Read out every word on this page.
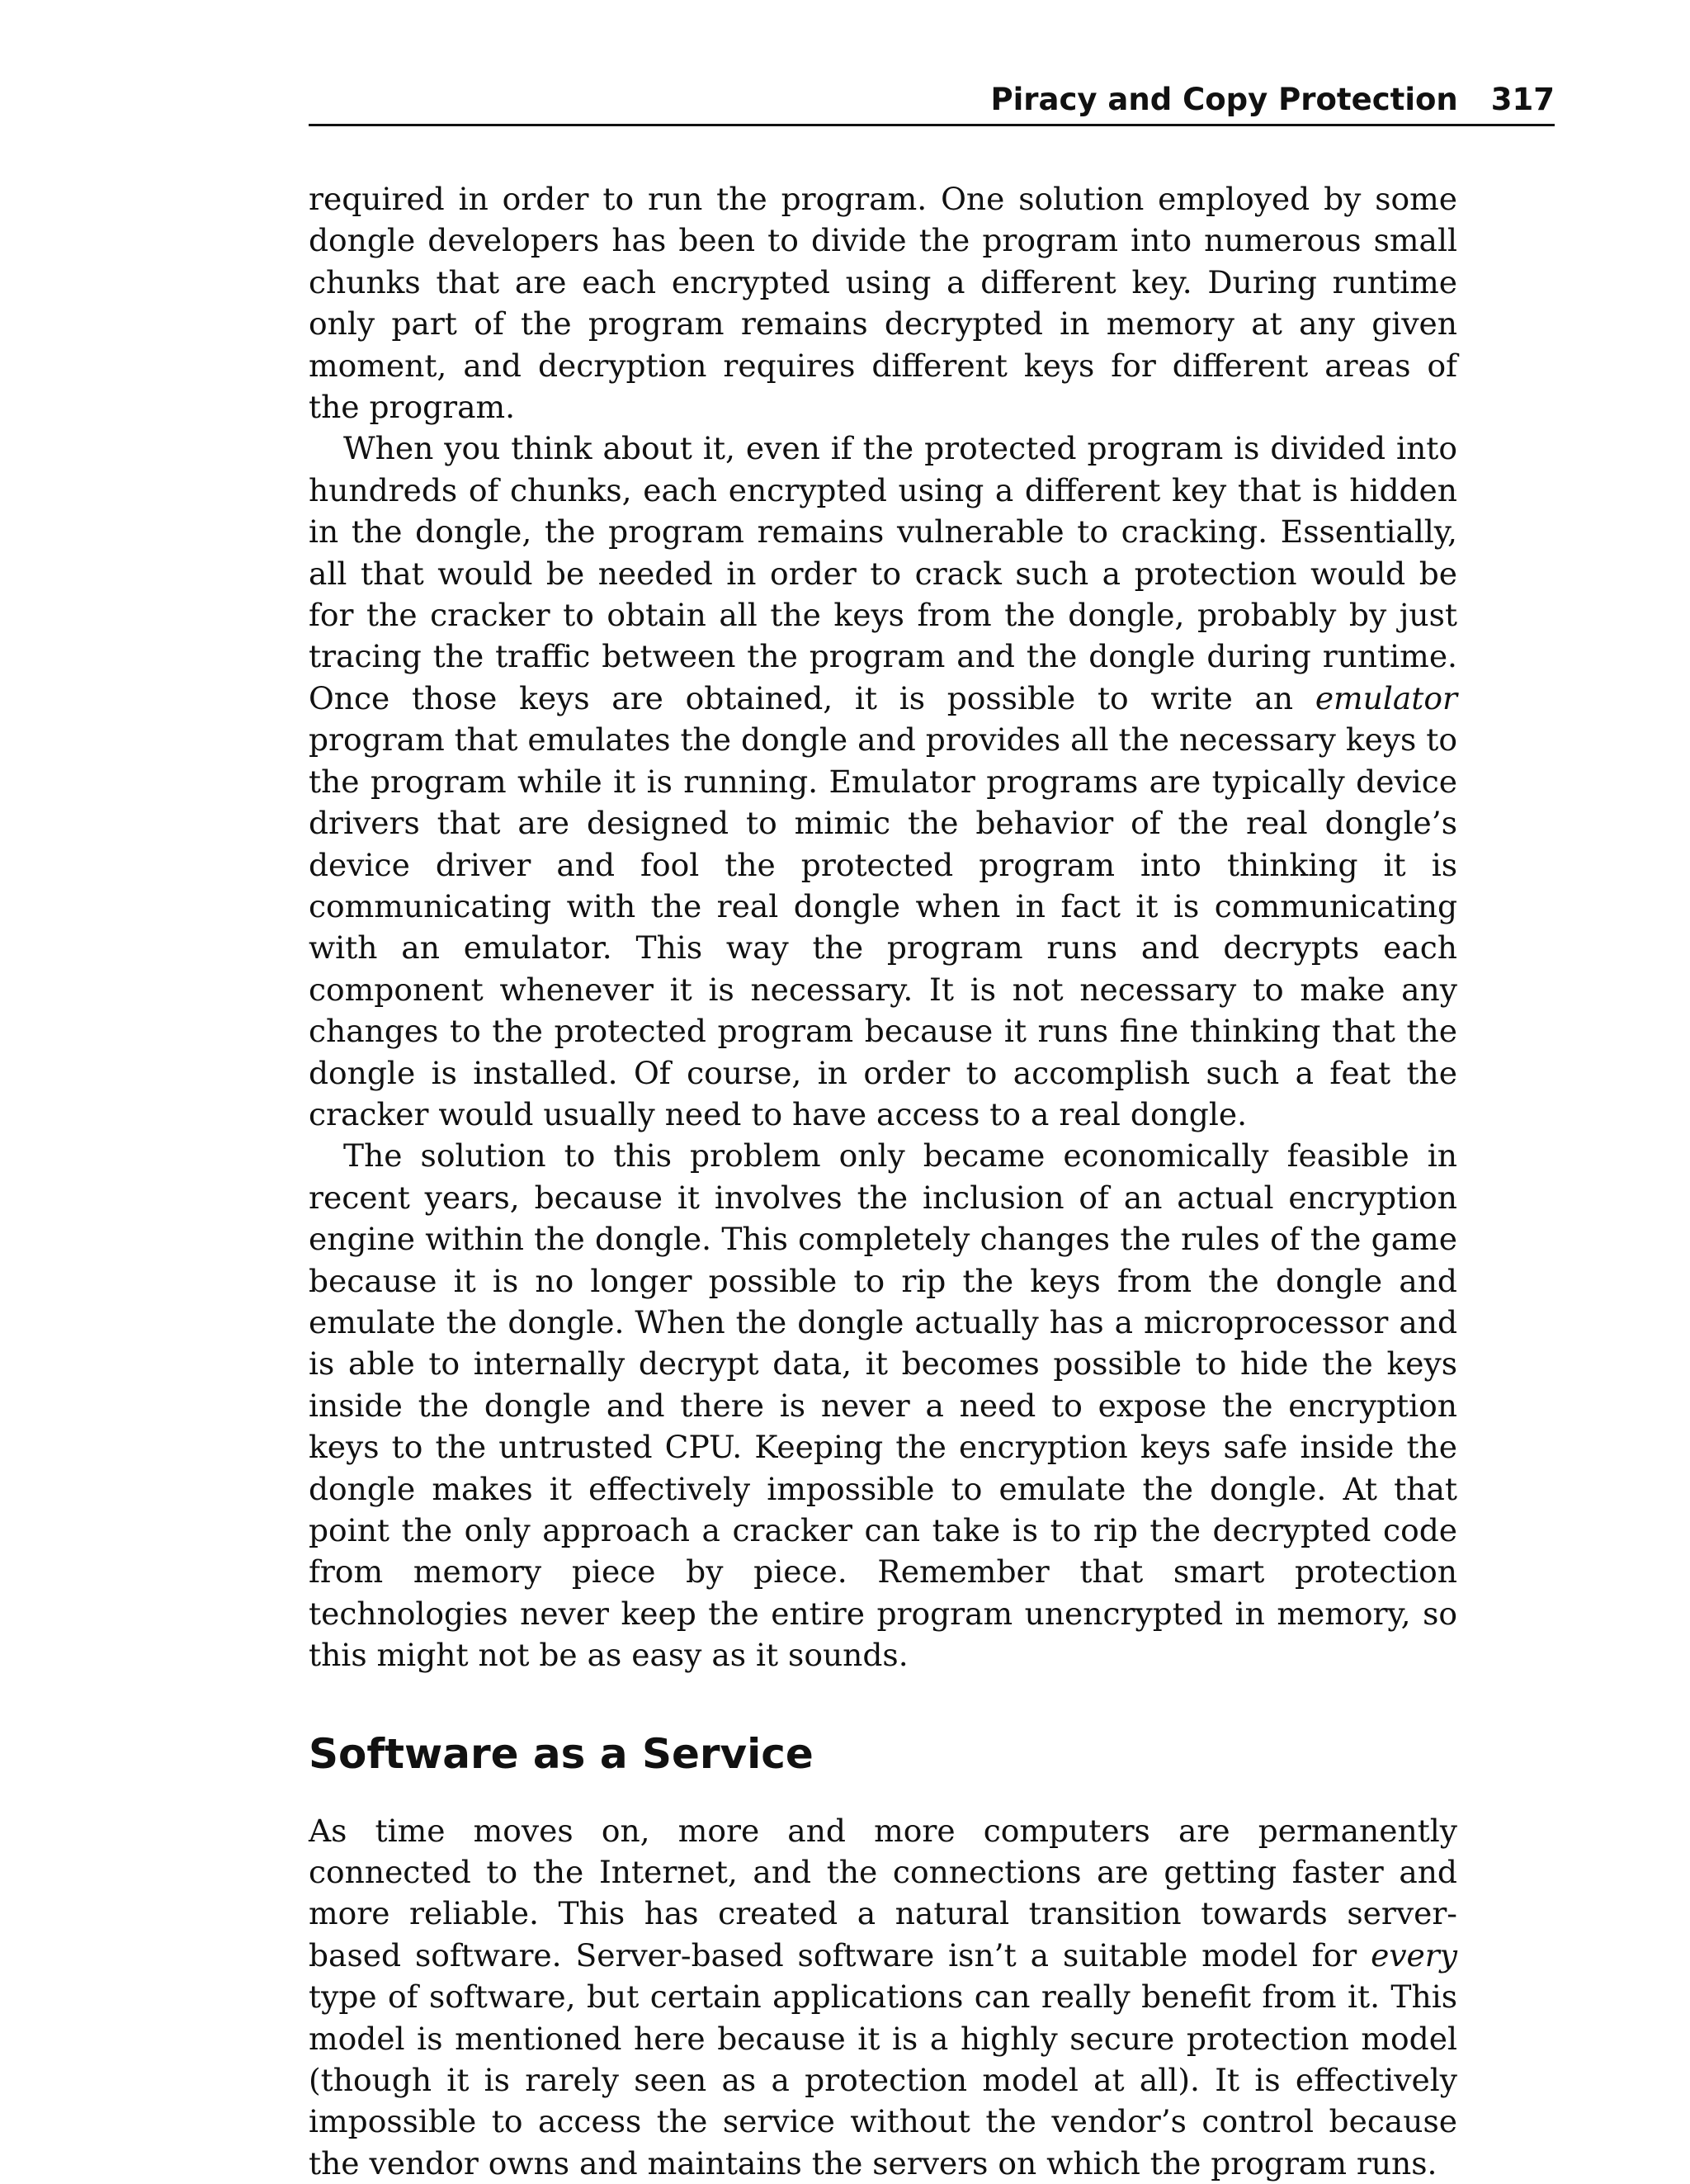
Piracy and Copy Protection 317

required in order to run the program. One solution employed by some dongle developers has been to divide the program into numerous small chunks that are each encrypted using a different key. During runtime only part of the program remains decrypted in memory at any given moment, and decryption requires different keys for different areas of the program.

When you think about it, even if the protected program is divided into hundreds of chunks, each encrypted using a different key that is hidden in the dongle, the program remains vulnerable to cracking. Essentially, all that would be needed in order to crack such a protection would be for the cracker to obtain all the keys from the dongle, probably by just tracing the traffic between the program and the dongle during runtime. Once those keys are obtained, it is possible to write an emulator program that emulates the dongle and provides all the necessary keys to the program while it is running. Emulator programs are typically device drivers that are designed to mimic the behavior of the real dongle’s device driver and fool the protected program into thinking it is communicating with the real dongle when in fact it is communicating with an emulator. This way the program runs and decrypts each component whenever it is necessary. It is not necessary to make any changes to the protected program because it runs fine thinking that the dongle is installed. Of course, in order to accomplish such a feat the cracker would usually need to have access to a real dongle.

The solution to this problem only became economically feasible in recent years, because it involves the inclusion of an actual encryption engine within the dongle. This completely changes the rules of the game because it is no longer possible to rip the keys from the dongle and emulate the dongle. When the dongle actually has a microprocessor and is able to internally decrypt data, it becomes possible to hide the keys inside the dongle and there is never a need to expose the encryption keys to the untrusted CPU. Keeping the encryption keys safe inside the dongle makes it effectively impossible to emulate the dongle. At that point the only approach a cracker can take is to rip the decrypted code from memory piece by piece. Remember that smart protection technologies never keep the entire program unencrypted in memory, so this might not be as easy as it sounds.

Software as a Service

As time moves on, more and more computers are permanently connected to the Internet, and the connections are getting faster and more reliable. This has created a natural transition towards server-based software. Server-based software isn’t a suitable model for every type of software, but certain applications can really benefit from it. This model is mentioned here because it is a highly secure protection model (though it is rarely seen as a protection model at all). It is effectively impossible to access the service without the vendor’s control because the vendor owns and maintains the servers on which the program runs.
